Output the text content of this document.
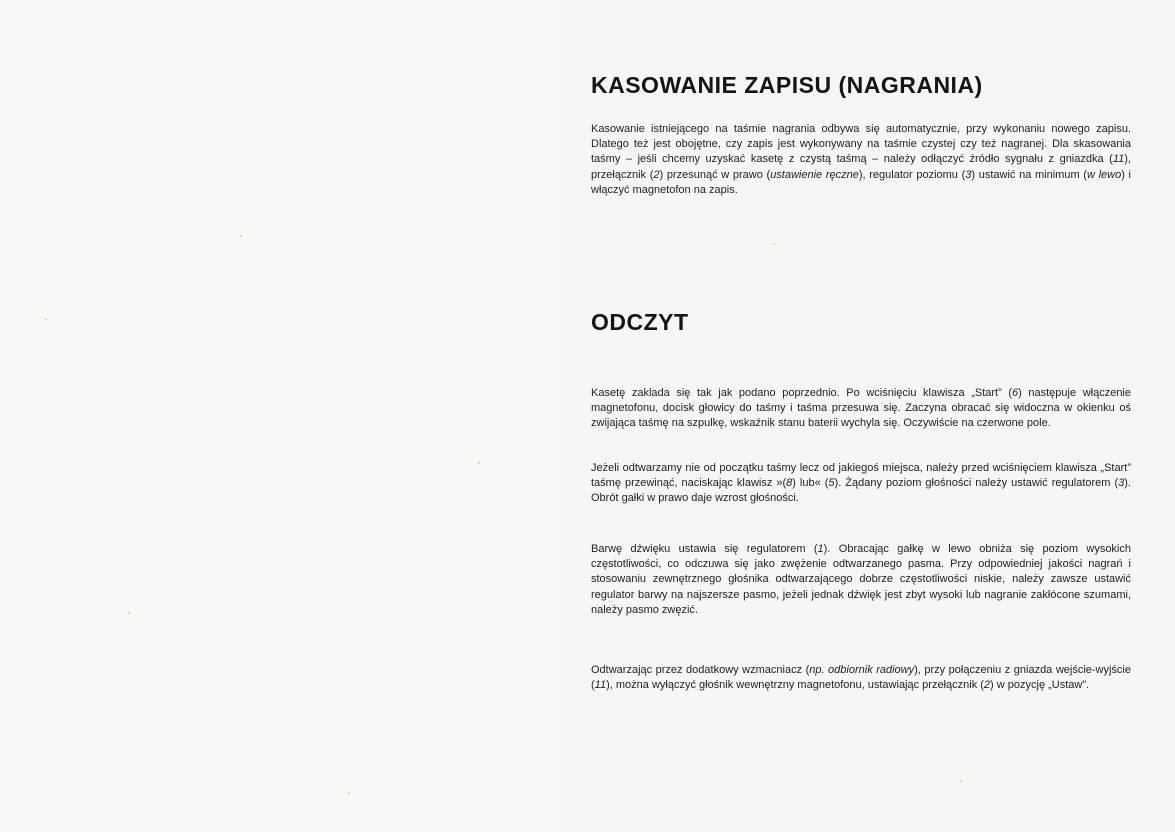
KASOWANIE ZAPISU (NAGRANIA)

Kasowanie istniejącego na taśmie nagrania odbywa się automatycznie, przy wykonaniu nowego zapisu. Dlatego też jest obojętne, czy zapis jest wykonywany na taśmie czystej czy też nagranej. Dla skasowania taśmy – jeśli chcemy uzyskać kasetę z czystą taśmą – należy odłączyć źródło sygnału z gniazdka (11), przełącznik (2) przesunąć w prawo (ustawienie ręczne), regulator poziomu (3) ustawić na minimum (w lewo) i włączyć magnetofon na zapis.

ODCZYT

Kasetę zaklada się tak jak podano poprzednio. Po wciśnięciu klawisza „Start” (6) następuje włączenie magnetofonu, docisk głowicy do taśmy i taśma przesuwa się. Zaczyna obracać się widoczna w okienku oś zwijająca taśmę na szpulkę, wskaźnik stanu baterii wychyla się. Oczywiście na czerwone pole.

Jeżeli odtwarzamy nie od początku taśmy lecz od jakiegoś miejsca, należy przed wciśnięciem klawisza „Start” taśmę przewinąć, naciskając klawisz »(8) lub« (5). Żądany poziom głośności należy ustawić regulatorem (3). Obrót gałki w prawo daje wzrost głośności.

Barwę dźwięku ustawia się regulatorem (1). Obracając gałkę w lewo obniża się poziom wysokich częstotliwości, co odczuwa się jako zwężenie odtwarzanego pasma. Przy odpowiedniej jakości nagrań i stosowaniu zewnętrznego głośnika odtwarzającego dobrze częstotliwości niskie, należy zawsze ustawić regulator barwy na najszersze pasmo, jeżeli jednak dźwięk jest zbyt wysoki lub nagranie zakłócone szumami, należy pasmo zwęzić.

Odtwarzając przez dodatkowy wzmacniacz (np. odbiornik radiowy), przy połączeniu z gniazda wejście-wyjście (11), można wyłączyć głośnik wewnętrzny magnetofonu, ustawiając przełącznik (2) w pozycję „Ustaw”.
